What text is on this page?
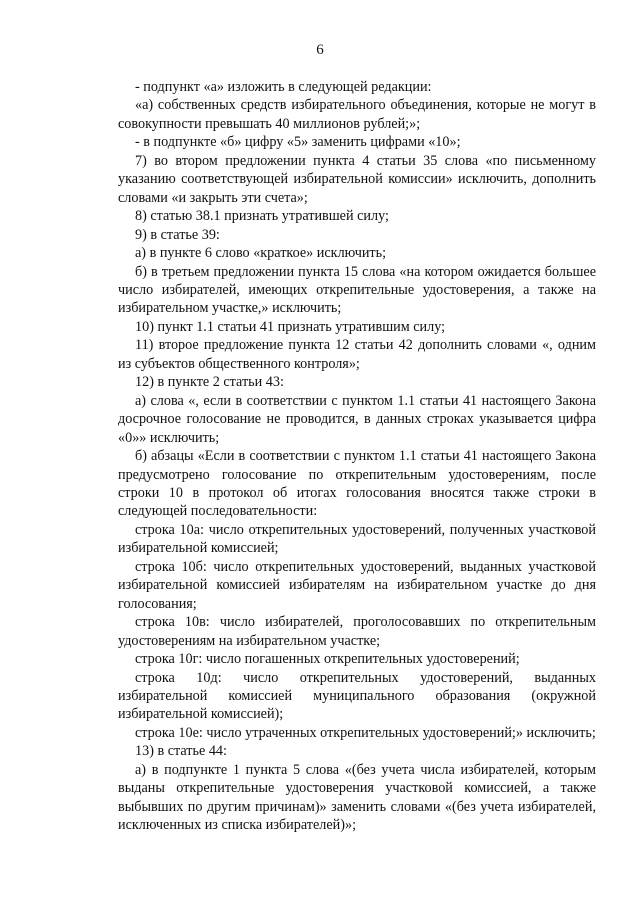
6

- подпункт «а» изложить в следующей редакции:

«а) собственных средств избирательного объединения, которые не могут в совокупности превышать 40 миллионов рублей;»;

- в подпункте «б» цифру «5» заменить цифрами «10»;

7) во втором предложении пункта 4 статьи 35 слова «по письменному указанию соответствующей избирательной комиссии» исключить, дополнить словами «и закрыть эти счета»;

8) статью 38.1 признать утратившей силу;

9) в статье 39:

а) в пункте 6 слово «краткое» исключить;

б) в третьем предложении пункта 15 слова «на котором ожидается большее число избирателей, имеющих открепительные удостоверения, а также на избирательном участке,» исключить;

10) пункт 1.1 статьи 41 признать утратившим силу;

11) второе предложение пункта 12 статьи 42 дополнить словами «, одним из субъектов общественного контроля»;

12) в пункте 2 статьи 43:

а) слова «, если в соответствии с пунктом 1.1 статьи 41 настоящего Закона досрочное голосование не проводится, в данных строках указывается цифра «0»» исключить;

б) абзацы «Если в соответствии с пунктом 1.1 статьи 41 настоящего Закона предусмотрено голосование по открепительным удостоверениям, после строки 10 в протокол об итогах голосования вносятся также строки в следующей последовательности:

строка 10а: число открепительных удостоверений, полученных участковой избирательной комиссией;

строка 10б: число открепительных удостоверений, выданных участковой избирательной комиссией избирателям на избирательном участке до дня голосования;

строка 10в: число избирателей, проголосовавших по открепительным удостоверениям на избирательном участке;

строка 10г: число погашенных открепительных удостоверений;

строка 10д: число открепительных удостоверений, выданных избирательной комиссией муниципального образования (окружной избирательной комиссией);

строка 10е: число утраченных открепительных удостоверений;» исключить;

13) в статье 44:

а) в подпункте 1 пункта 5 слова «(без учета числа избирателей, которым выданы открепительные удостоверения участковой комиссией, а также выбывших по другим причинам)» заменить словами «(без учета избирателей, исключенных из списка избирателей)»;
